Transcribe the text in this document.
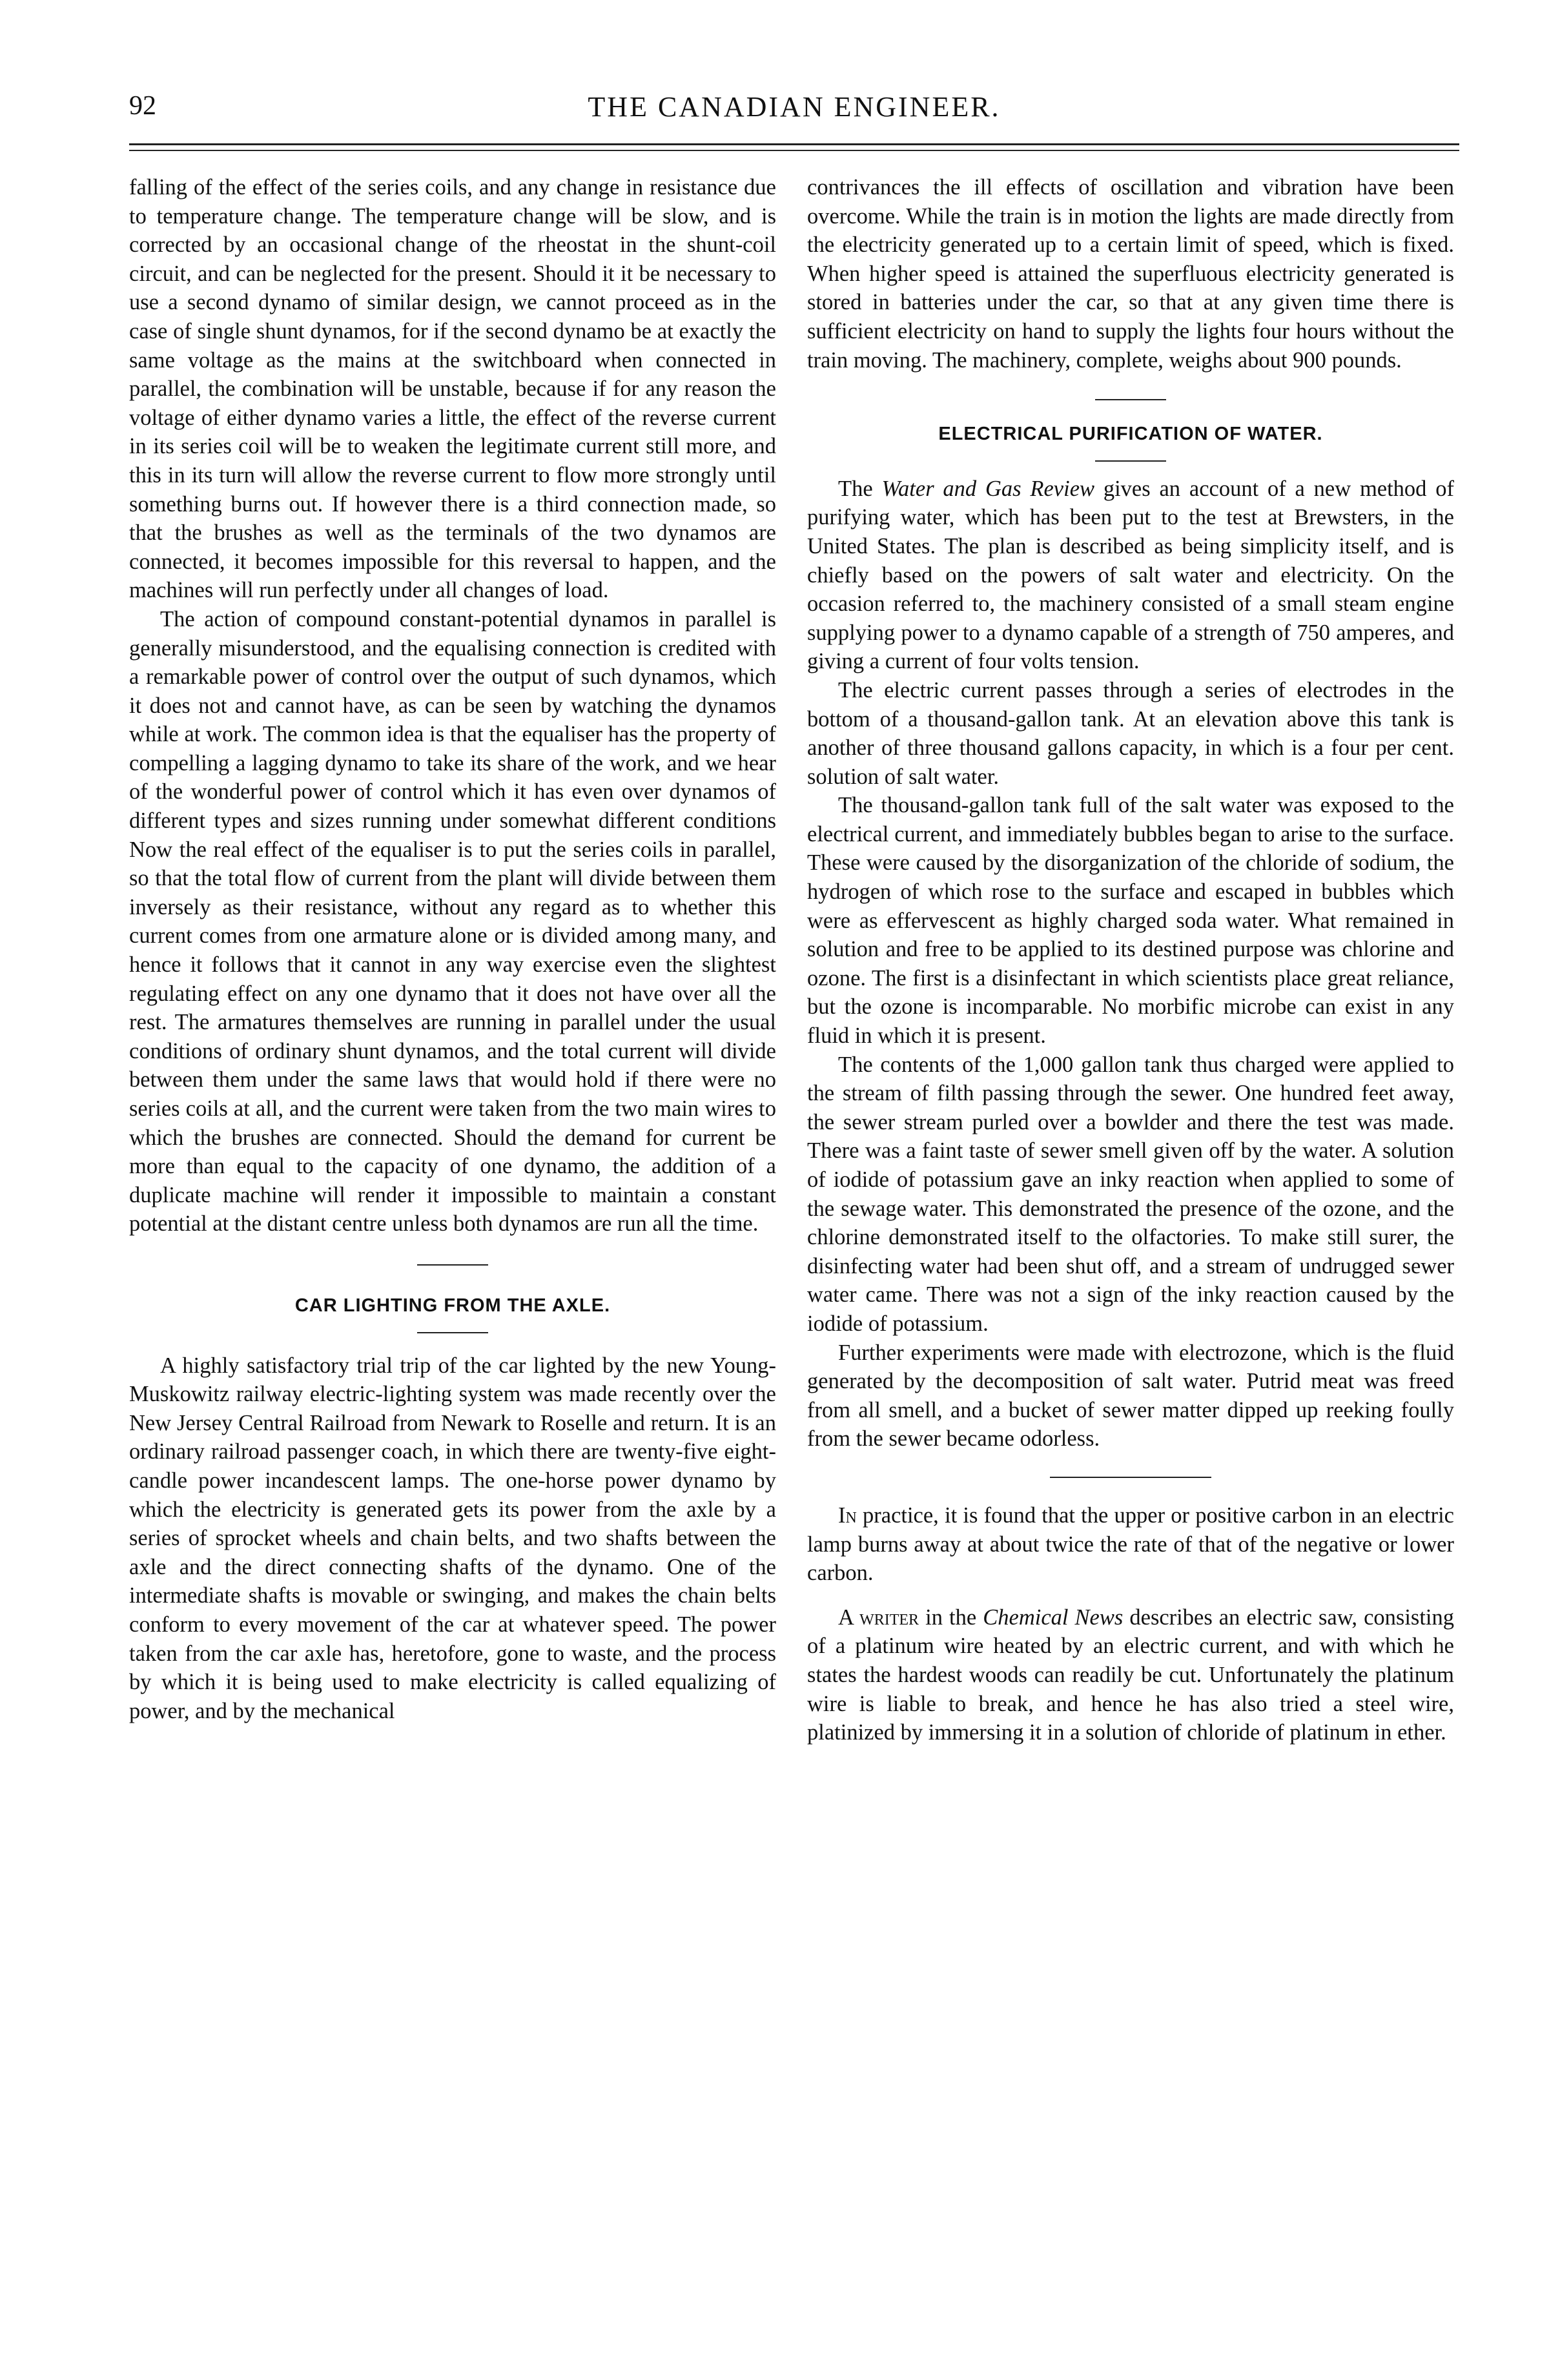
92	THE CANADIAN ENGINEER.

falling of the effect of the series coils, and any change in resistance due to temperature change. The temperature change will be slow, and is corrected by an occasional change of the rheostat in the shunt-coil circuit, and can be neglected for the present. Should it it be necessary to use a second dynamo of similar design, we cannot proceed as in the case of single shunt dynamos, for if the second dynamo be at exactly the same voltage as the mains at the switchboard when connected in parallel, the combination will be unstable, because if for any reason the voltage of either dynamo varies a little, the effect of the reverse current in its series coil will be to weaken the legitimate current still more, and this in its turn will allow the reverse current to flow more strongly until something burns out. If however there is a third connection made, so that the brushes as well as the terminals of the two dynamos are connected, it becomes impossible for this reversal to happen, and the machines will run perfectly under all changes of load.

The action of compound constant-potential dynamos in parallel is generally misunderstood, and the equalising connection is credited with a remarkable power of control over the output of such dynamos, which it does not and cannot have, as can be seen by watching the dynamos while at work. The common idea is that the equaliser has the property of compelling a lagging dynamo to take its share of the work, and we hear of the wonderful power of control which it has even over dynamos of different types and sizes running under somewhat different conditions Now the real effect of the equaliser is to put the series coils in parallel, so that the total flow of current from the plant will divide between them inversely as their resistance, without any regard as to whether this current comes from one armature alone or is divided among many, and hence it follows that it cannot in any way exercise even the slightest regulating effect on any one dynamo that it does not have over all the rest. The armatures themselves are running in parallel under the usual conditions of ordinary shunt dynamos, and the total current will divide between them under the same laws that would hold if there were no series coils at all, and the current were taken from the two main wires to which the brushes are connected. Should the demand for current be more than equal to the capacity of one dynamo, the addition of a duplicate machine will render it impossible to maintain a constant potential at the distant centre unless both dynamos are run all the time.

CAR LIGHTING FROM THE AXLE.

A highly satisfactory trial trip of the car lighted by the new Young-Muskowitz railway electric-lighting system was made recently over the New Jersey Central Railroad from Newark to Roselle and return. It is an ordinary railroad passenger coach, in which there are twenty-five eight-candle power incandescent lamps. The one-horse power dynamo by which the electricity is generated gets its power from the axle by a series of sprocket wheels and chain belts, and two shafts between the axle and the direct connecting shafts of the dynamo. One of the intermediate shafts is movable or swinging, and makes the chain belts conform to every movement of the car at whatever speed. The power taken from the car axle has, heretofore, gone to waste, and the process by which it is being used to make electricity is called equalizing of power, and by the mechanical

contrivances the ill effects of oscillation and vibration have been overcome. While the train is in motion the lights are made directly from the electricity generated up to a certain limit of speed, which is fixed. When higher speed is attained the superfluous electricity generated is stored in batteries under the car, so that at any given time there is sufficient electricity on hand to supply the lights four hours without the train moving. The machinery, complete, weighs about 900 pounds.

ELECTRICAL PURIFICATION OF WATER.

The Water and Gas Review gives an account of a new method of purifying water, which has been put to the test at Brewsters, in the United States. The plan is described as being simplicity itself, and is chiefly based on the powers of salt water and electricity. On the occasion referred to, the machinery consisted of a small steam engine supplying power to a dynamo capable of a strength of 750 amperes, and giving a current of four volts tension.

The electric current passes through a series of electrodes in the bottom of a thousand-gallon tank. At an elevation above this tank is another of three thousand gallons capacity, in which is a four per cent. solution of salt water.

The thousand-gallon tank full of the salt water was exposed to the electrical current, and immediately bubbles began to arise to the surface. These were caused by the disorganization of the chloride of sodium, the hydrogen of which rose to the surface and escaped in bubbles which were as effervescent as highly charged soda water. What remained in solution and free to be applied to its destined purpose was chlorine and ozone. The first is a disinfectant in which scientists place great reliance, but the ozone is incomparable. No morbific microbe can exist in any fluid in which it is present.

The contents of the 1,000 gallon tank thus charged were applied to the stream of filth passing through the sewer. One hundred feet away, the sewer stream purled over a bowlder and there the test was made. There was a faint taste of sewer smell given off by the water. A solution of iodide of potassium gave an inky reaction when applied to some of the sewage water. This demonstrated the presence of the ozone, and the chlorine demonstrated itself to the olfactories. To make still surer, the disinfecting water had been shut off, and a stream of undrugged sewer water came. There was not a sign of the inky reaction caused by the iodide of potassium.

Further experiments were made with electrozone, which is the fluid generated by the decomposition of salt water. Putrid meat was freed from all smell, and a bucket of sewer matter dipped up reeking foully from the sewer became odorless.

In practice, it is found that the upper or positive carbon in an electric lamp burns away at about twice the rate of that of the negative or lower carbon.

A writer in the Chemical News describes an electric saw, consisting of a platinum wire heated by an electric current, and with which he states the hardest woods can readily be cut. Unfortunately the platinum wire is liable to break, and hence he has also tried a steel wire, platinized by immersing it in a solution of chloride of platinum in ether.
